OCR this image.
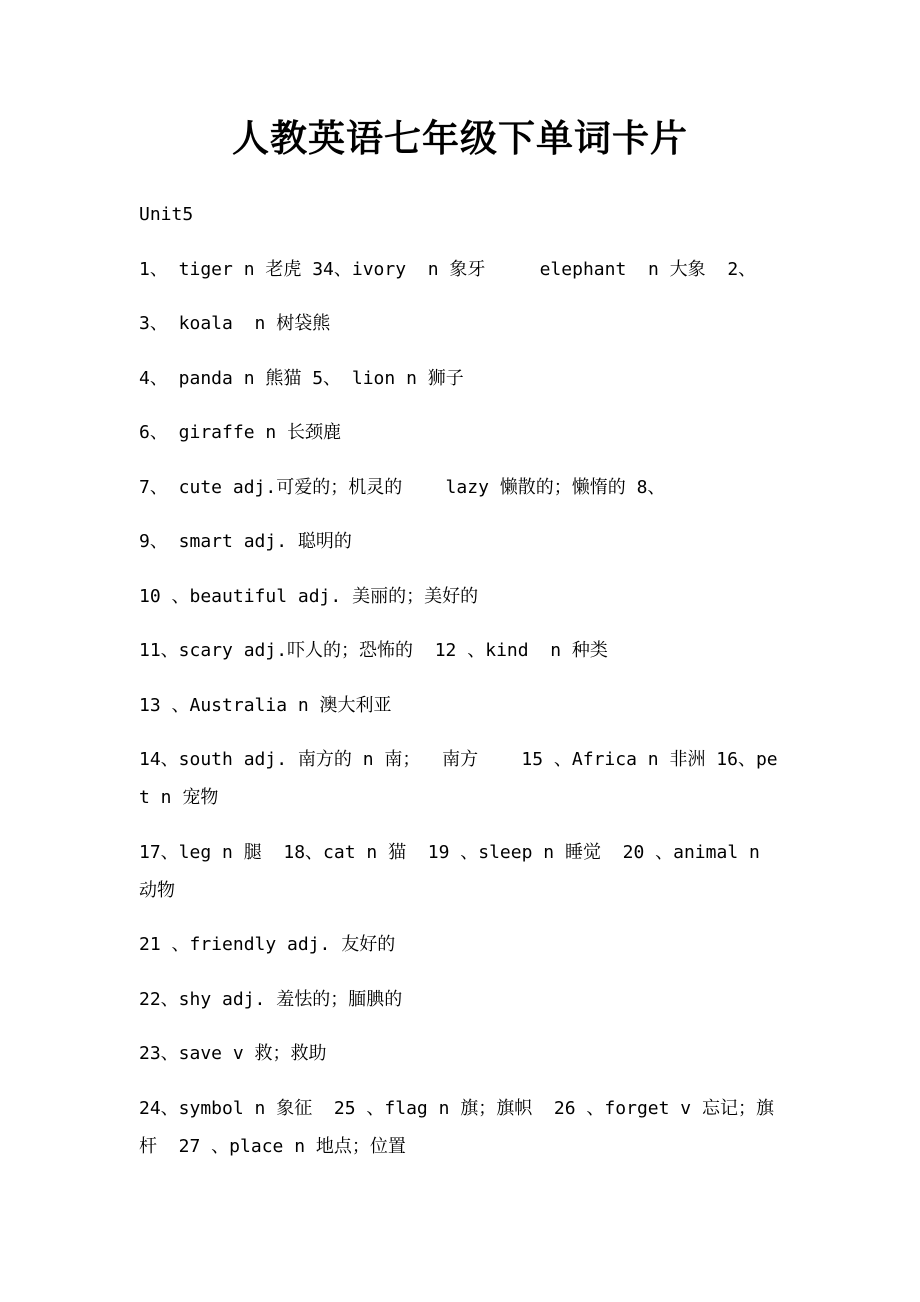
人教英语七年级下单词卡片
Unit5
1、 tiger n 老虎 34、ivory  n 象牙     elephant  n 大象  2、
3、 koala  n 树袋熊
4、 panda n 熊猫 5、 lion n 狮子
6、 giraffe n 长颈鹿
7、 cute adj.可爱的；机灵的    lazy 懒散的；懒惰的 8、
9、 smart adj. 聪明的
10 、beautiful adj. 美丽的；美好的
11、scary adj.吓人的；恐怖的  12 、kind  n 种类
13 、Australia n 澳大利亚
14、south adj. 南方的 n 南；  南方    15 、Africa n 非洲 16、pet n 宠物
17、leg n 腿  18、cat n 猫  19 、sleep n 睡觉  20 、animal n 动物
21 、friendly adj. 友好的
22、shy adj. 羞怯的；腼腆的
23、save v 救；救助
24、symbol n 象征  25 、flag n 旗；旗帜  26 、forget v 忘记；旗杆  27 、place n 地点；位置
